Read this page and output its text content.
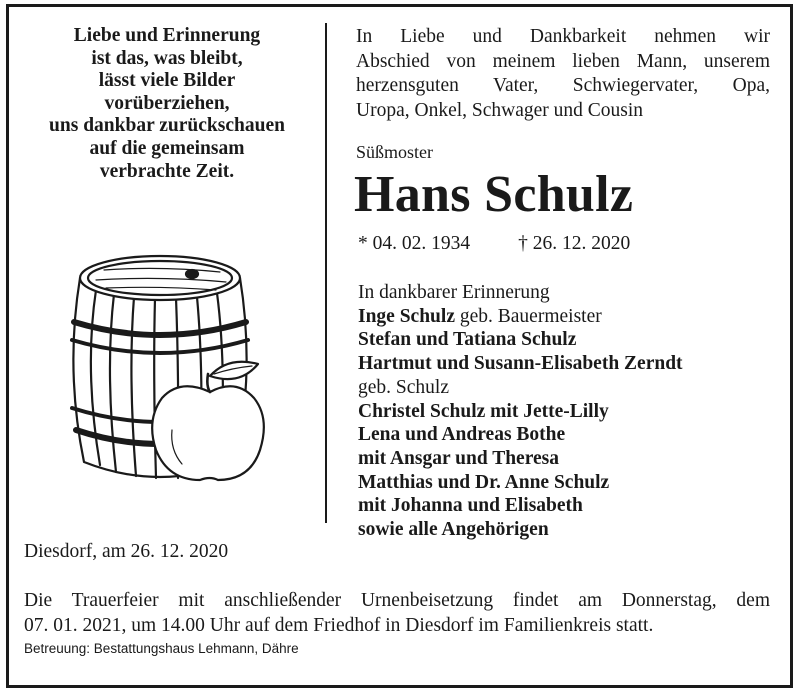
Liebe und Erinnerung
ist das, was bleibt,
lässt viele Bilder
vorüberziehen,
uns dankbar zurückschauen
auf die gemeinsam
verbrachte Zeit.
In Liebe und Dankbarkeit nehmen wir
Abschied von meinem lieben Mann, unserem
herzensguten Vater, Schwiegervater, Opa,
Uropa, Onkel, Schwager und Cousin
Süßmoster
Hans Schulz
* 04. 02. 1934 † 26. 12. 2020
In dankbarer Erinnerung
Inge Schulz geb. Bauermeister
Stefan und Tatiana Schulz
Hartmut und Susann-Elisabeth Zerndt
geb. Schulz
Christel Schulz mit Jette-Lilly
Lena und Andreas Bothe
mit Ansgar und Theresa
Matthias und Dr. Anne Schulz
mit Johanna und Elisabeth
sowie alle Angehörigen
Diesdorf, am 26. 12. 2020
Die Trauerfeier mit anschließender Urnenbeisetzung findet am Donnerstag, dem
07. 01. 2021, um 14.00 Uhr auf dem Friedhof in Diesdorf im Familienkreis statt.
Betreuung: Bestattungshaus Lehmann, Dähre
